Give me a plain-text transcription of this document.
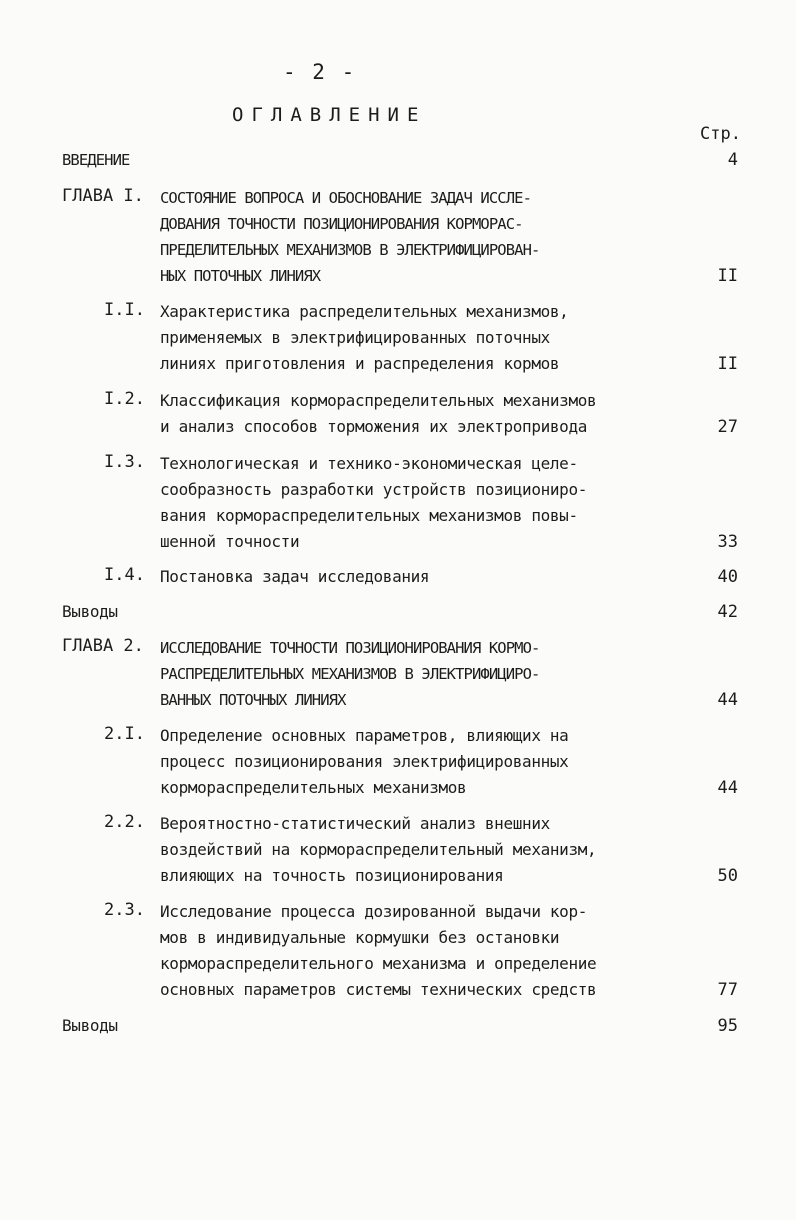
- 2 -
ОГЛАВЛЕНИЕ
Стр.
ВВЕДЕНИЕ	4
ГЛАВА I. СОСТОЯНИЕ ВОПРОСА И ОБОСНОВАНИЕ ЗАДАЧ ИССЛЕ-
ДОВАНИЯ ТОЧНОСТИ ПОЗИЦИОНИРОВАНИЯ КОРМОРАС-
ПРЕДЕЛИТЕЛЬНЫХ МЕХАНИЗМОВ В ЭЛЕКТРИФИЦИРОВАН-
НЫХ ПОТОЧНЫХ ЛИНИЯХ	II
I.I. Характеристика распределительных механизмов,
применяемых в электрифицированных поточных
линиях приготовления и распределения кормов	II
I.2. Классификация кормораспределительных механизмов
и анализ способов торможения их электропривода	27
I.3. Технологическая и технико-экономическая целе-
сообразность разработки устройств позициониро-
вания кормораспределительных механизмов повы-
шенной точности	33
I.4. Постановка задач исследования	40
Выводы	42
ГЛАВА 2. ИССЛЕДОВАНИЕ ТОЧНОСТИ ПОЗИЦИОНИРОВАНИЯ КОРМО-
РАСПРЕДЕЛИТЕЛЬНЫХ МЕХАНИЗМОВ В ЭЛЕКТРИФИЦИРО-
ВАННЫХ ПОТОЧНЫХ ЛИНИЯХ	44
2.I. Определение основных параметров, влияющих на
процесс позиционирования электрифицированных
кормораспределительных механизмов	44
2.2. Вероятностно-статистический анализ внешних
воздействий на кормораспределительный механизм,
влияющих на точность позиционирования	50
2.3. Исследование процесса дозированной выдачи кор-
мов в индивидуальные кормушки без остановки
кормораспределительного механизма и определение
основных параметров системы технических средств	77
Выводы	95
